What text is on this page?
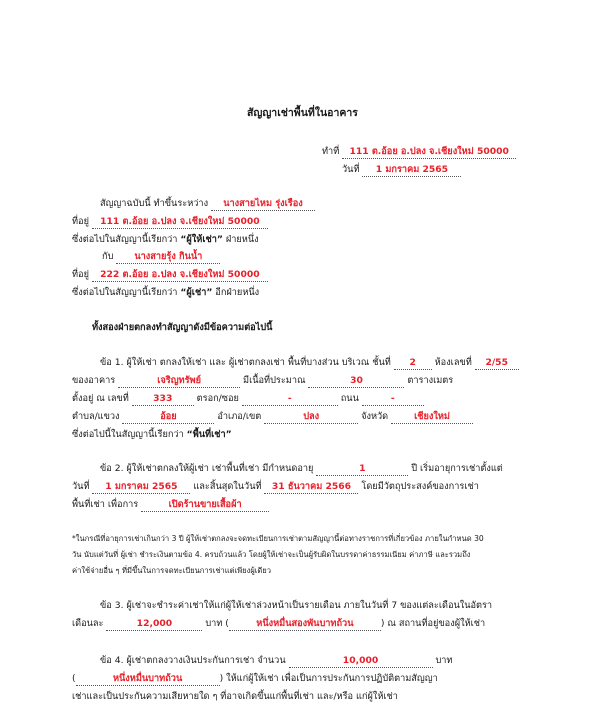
สัญญาเช่าพื้นที่ในอาคาร
ทำที่ 111 ต.อ้อย อ.ปลง จ.เชียงใหม่ 50000
วันที่ 1 มกราคม 2565
สัญญาฉบับนี้ ทำขึ้นระหว่าง นางสายไหม รุ่งเรือง
ที่อยู่ 111 ต.อ้อย อ.ปลง จ.เชียงใหม่ 50000
ซึ่งต่อไปในสัญญานี้เรียกว่า “ผู้ให้เช่า” ฝ่ายหนึ่ง
กับ นางสายรุ้ง กินน้ำ
ที่อยู่ 222 ต.อ้อย อ.ปลง จ.เชียงใหม่ 50000
ซึ่งต่อไปในสัญญานี้เรียกว่า “ผู้เช่า” อีกฝ่ายหนึ่ง
ทั้งสองฝ่ายตกลงทำสัญญาดังมีข้อความต่อไปนี้
ข้อ 1. ผู้ให้เช่า ตกลงให้เช่า และ ผู้เช่าตกลงเช่า พื้นที่บางส่วน บริเวณ ชั้นที่ 2 ห้องเลขที่ 2/55
ของอาคาร	เจริญทรัพย์	มีเนื้อที่ประมาณ	30	ตารางเมตร
ตั้งอยู่ ณ เลขที่	333	ตรอก/ซอย	-	ถนน	-
ตำบล/แขวง	อ้อย	อำเภอ/เขต	ปลง	จังหวัด	เชียงใหม่
ซึ่งต่อไปนี้ในสัญญานี้เรียกว่า “พื้นที่เช่า”
ข้อ 2. ผู้ให้เช่าตกลงให้ผู้เช่า เช่าพื้นที่เช่า มีกำหนดอายุ	1	ปี เริ่มอายุการเช่าตั้งแต่
วันที่ 1 มกราคม 2565 และสิ้นสุดในวันที่ 31 ธันวาคม 2566 โดยมีวัตถุประสงค์ของการเช่า
พื้นที่เช่า เพื่อการ	เปิดร้านขายเสื้อผ้า
*ในกรณีที่อายุการเช่าเกินกว่า 3 ปี ผู้ให้เช่าตกลงจะจดทะเบียนการเช่าตามสัญญานี้ต่อทางราชการที่เกี่ยวข้อง ภายในกำหนด 30
วัน นับแต่วันที่ ผู้เช่า ชำระเงินตามข้อ 4. ครบถ้วนแล้ว โดยผู้ให้เช่าจะเป็นผู้รับผิดในบรรดาค่าธรรมเนียม ค่าภาษี และรวมถึง
ค่าใช้จ่ายอื่น ๆ ที่มีขึ้นในการจดทะเบียนการเช่าแต่เพียงผู้เดียว
ข้อ 3. ผู้เช่าจะชำระค่าเช่าให้แก่ผู้ให้เช่าล่วงหน้าเป็นรายเดือน ภายในวันที่ 7 ของแต่ละเดือนในอัตรา
เดือนละ	12,000	บาท (	หนึ่งหมื่นสองพันบาทถ้วน	) ณ สถานที่อยู่ของผู้ให้เช่า
ข้อ 4. ผู้เช่าตกลงวางเงินประกันการเช่า จำนวน	10,000	บาท
(	หนึ่งหมื่นบาทถ้วน	) ให้แก่ผู้ให้เช่า เพื่อเป็นการประกันการปฏิบัติตามสัญญา
เช่าและเป็นประกันความเสียหายใด ๆ ที่อาจเกิดขึ้นแก่พื้นที่เช่า และ/หรือ แก่ผู้ให้เช่า
